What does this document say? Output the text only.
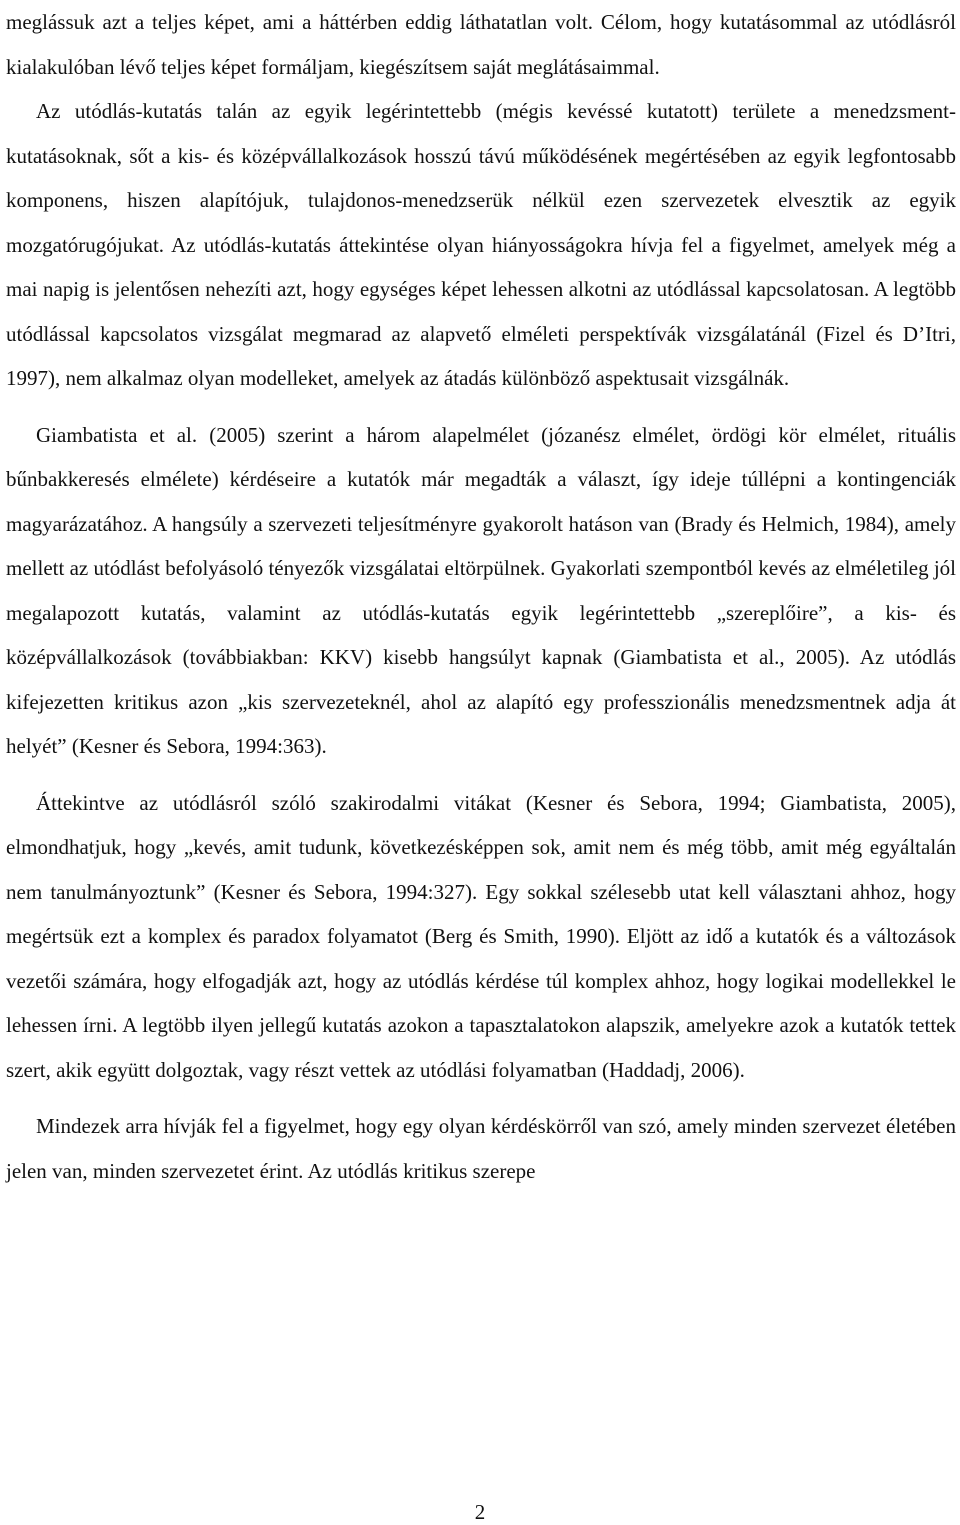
meglássuk azt a teljes képet, ami a háttérben eddig láthatatlan volt. Célom, hogy kutatásommal az utódlásról kialakulóban lévő teljes képet formáljam, kiegészítsem saját meglátásaimmal.

Az utódlás-kutatás talán az egyik legérintettebb (mégis kevéssé kutatott) területe a menedzsment-kutatásoknak, sőt a kis- és középvállalkozások hosszú távú működésének megértésében az egyik legfontosabb komponens, hiszen alapítójuk, tulajdonos-menedzserük nélkül ezen szervezetek elvesztik az egyik mozgatórugójukat. Az utódlás-kutatás áttekintése olyan hiányosságokra hívja fel a figyelmet, amelyek még a mai napig is jelentősen nehezíti azt, hogy egységes képet lehessen alkotni az utódlással kapcsolatosan. A legtöbb utódlással kapcsolatos vizsgálat megmarad az alapvető elméleti perspektívák vizsgálatánál (Fizel és D’Itri, 1997), nem alkalmaz olyan modelleket, amelyek az átadás különböző aspektusait vizsgálnák.

Giambatista et al. (2005) szerint a három alapelmélet (józanész elmélet, ördögi kör elmélet, rituális bűnbakkeresés elmélete) kérdéseire a kutatók már megadták a választ, így ideje túllépni a kontingenciák magyarázatához. A hangsúly a szervezeti teljesítményre gyakorolt hatáson van (Brady és Helmich, 1984), amely mellett az utódlást befolyásoló tényezők vizsgálatai eltörpülnek. Gyakorlati szempontból kevés az elméletileg jól megalapozott kutatás, valamint az utódlás-kutatás egyik legérintettebb „szereplőire”, a kis- és középvállalkozások (továbbiakban: KKV) kisebb hangsúlyt kapnak (Giambatista et al., 2005). Az utódlás kifejezetten kritikus azon „kis szervezeteknél, ahol az alapító egy professzionális menedzsmentnek adja át helyét” (Kesner és Sebora, 1994:363).

Áttekintve az utódlásról szóló szakirodalmi vitákat (Kesner és Sebora, 1994; Giambatista, 2005), elmondhatjuk, hogy „kevés, amit tudunk, következésképpen sok, amit nem és még több, amit még egyáltalán nem tanulmányoztunk” (Kesner és Sebora, 1994:327). Egy sokkal szélesebb utat kell választani ahhoz, hogy megértsük ezt a komplex és paradox folyamatot (Berg és Smith, 1990). Eljött az idő a kutatók és a változások vezetői számára, hogy elfogadják azt, hogy az utódlás kérdése túl komplex ahhoz, hogy logikai modellekkel le lehessen írni. A legtöbb ilyen jellegű kutatás azokon a tapasztalatokon alapszik, amelyekre azok a kutatók tettek szert, akik együtt dolgoztak, vagy részt vettek az utódlási folyamatban (Haddadj, 2006).

Mindezek arra hívják fel a figyelmet, hogy egy olyan kérdéskörről van szó, amely minden szervezet életében jelen van, minden szervezetet érint. Az utódlás kritikus szerepe

2
